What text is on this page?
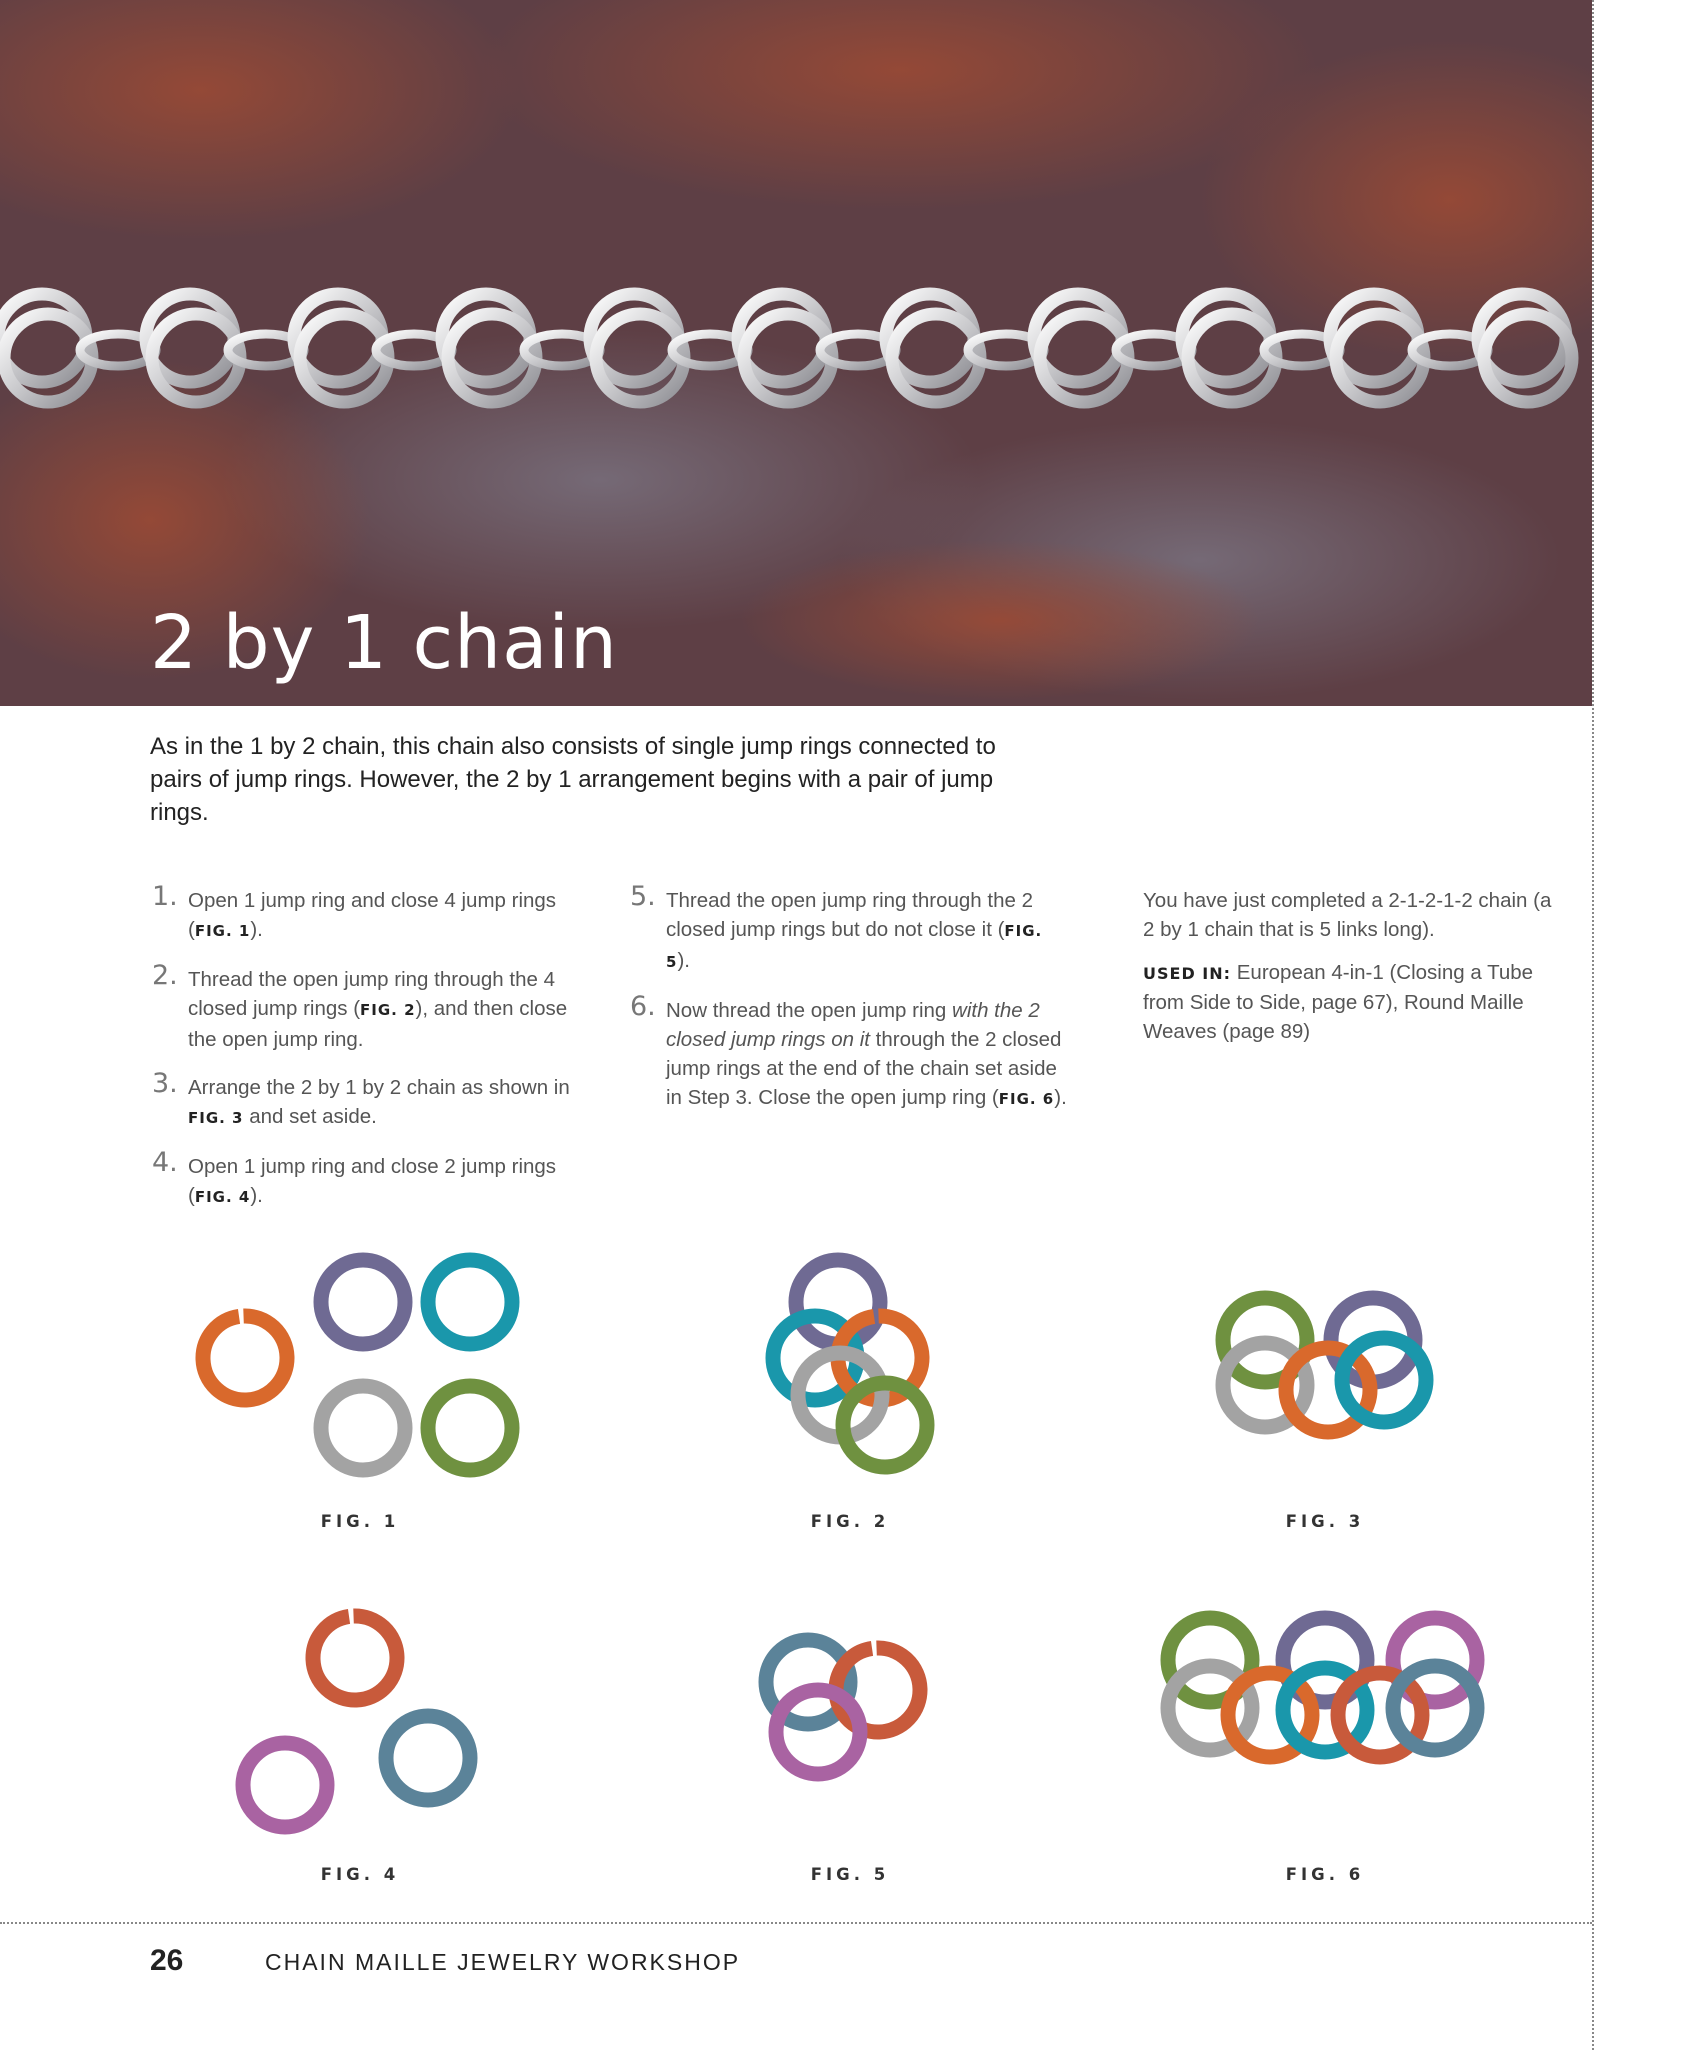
2 by 1 chain

As in the 1 by 2 chain, this chain also consists of single jump rings connected to pairs of jump rings. However, the 2 by 1 arrangement begins with a pair of jump rings.

1. Open 1 jump ring and close 4 jump rings (FIG. 1).
2. Thread the open jump ring through the 4 closed jump rings (FIG. 2), and then close the open jump ring.
3. Arrange the 2 by 1 by 2 chain as shown in FIG. 3 and set aside.
4. Open 1 jump ring and close 2 jump rings (FIG. 4).
5. Thread the open jump ring through the 2 closed jump rings but do not close it (FIG. 5).
6. Now thread the open jump ring with the 2 closed jump rings on it through the 2 closed jump rings at the end of the chain set aside in Step 3. Close the open jump ring (FIG. 6).

You have just completed a 2-1-2-1-2 chain (a 2 by 1 chain that is 5 links long).

USED IN: European 4-in-1 (Closing a Tube from Side to Side, page 67), Round Maille Weaves (page 89)

FIG. 1	FIG. 2	FIG. 3
FIG. 4	FIG. 5	FIG. 6
26	CHAIN MAILLE JEWELRY WORKSHOP
